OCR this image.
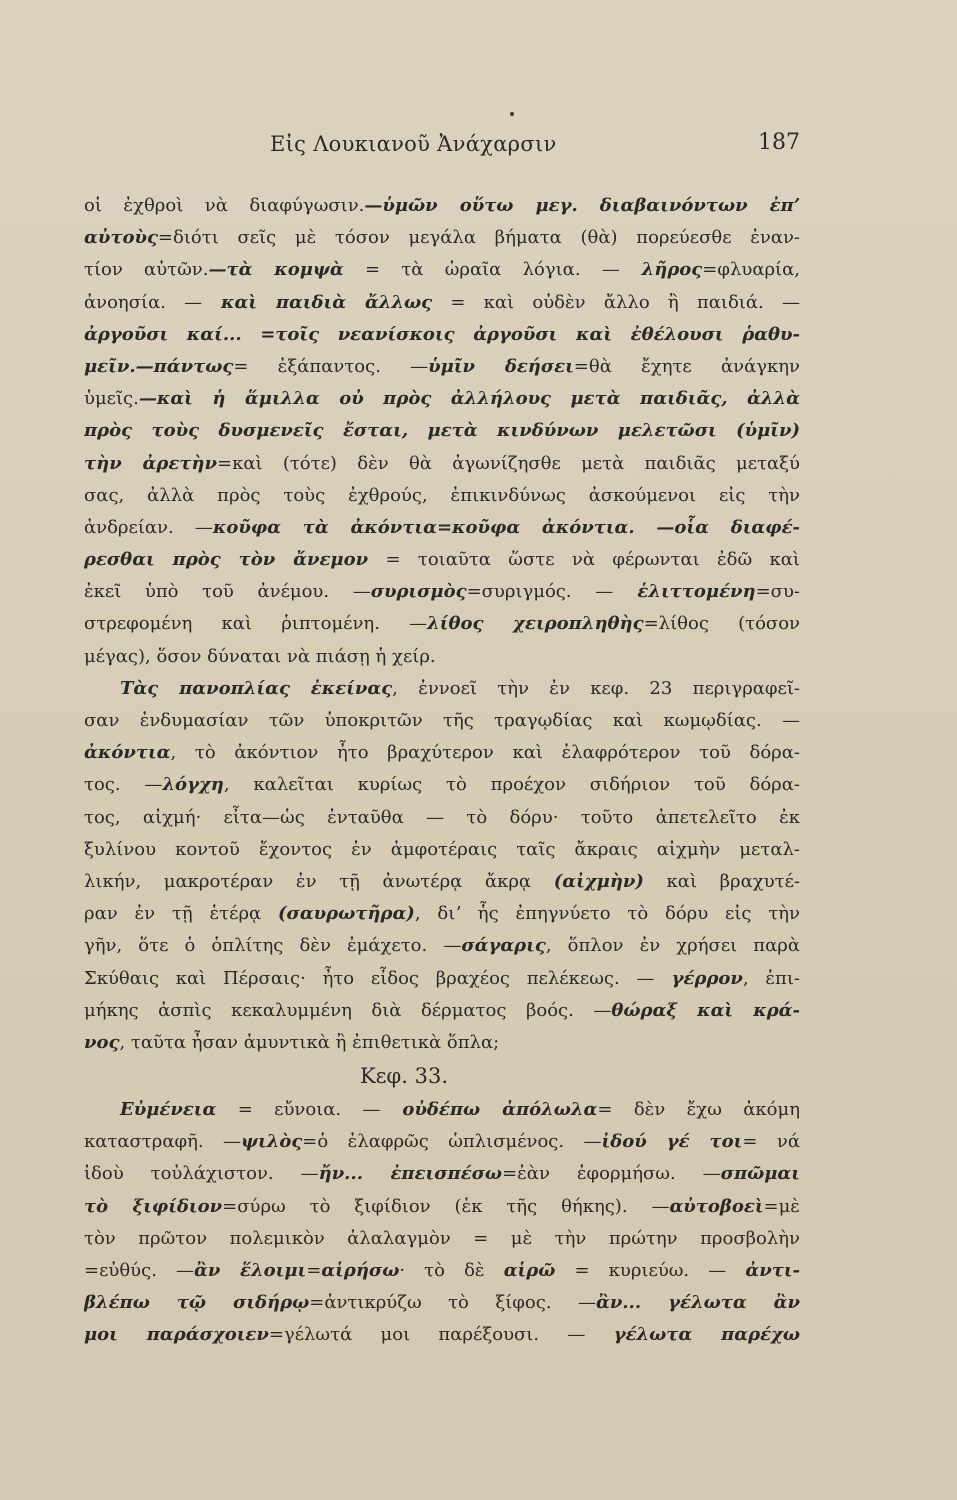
Εἰς Λουκιανοῦ Ἀνάχαρσιν	187
οἱ ἐχθροὶ νὰ διαφύγωσιν.—ὑμῶν οὕτω μεγ. διαβαινόντων ἐπʼ
αὐτοὺς=διότι σεῖς μὲ τόσον μεγάλα βήματα (θὰ) πορεύεσθε ἐναν-
τίον αὐτῶν.—τὰ κομψὰ = τὰ ὡραῖα λόγια. — λῆρος=φλυαρία,
ἀνοησία. — καὶ παιδιὰ ἄλλως = καὶ οὐδὲν ἄλλο ἢ παιδιά. —
ἀργοῦσι καί... =τοῖς νεανίσκοις ἀργοῦσι καὶ ἐθέλουσι ῥαθυ-
μεῖν.—πάντως= ἐξάπαντος. —ὑμῖν δεήσει=θὰ ἔχητε ἀνάγκην
ὑμεῖς.—καὶ ἡ ἅμιλλα οὐ πρὸς ἀλλήλους μετὰ παιδιᾶς, ἀλλὰ
πρὸς τοὺς δυσμενεῖς ἔσται, μετὰ κινδύνων μελετῶσι (ὑμῖν)
τὴν ἀρετὴν=καὶ (τότε) δὲν θὰ ἀγωνίζησθε μετὰ παιδιᾶς μεταξύ
σας, ἀλλὰ πρὸς τοὺς ἐχθρούς, ἐπικινδύνως ἀσκούμενοι εἰς τὴν
ἀνδρείαν. —κοῦφα τὰ ἀκόντια=κοῦφα ἀκόντια. —οἷα διαφέ-
ρεσθαι πρὸς τὸν ἄνεμον = τοιαῦτα ὥστε νὰ φέρωνται ἐδῶ καὶ
ἐκεῖ ὑπὸ τοῦ ἀνέμου. —συρισμὸς=συριγμός. — ἑλιττομένη=συ-
στρεφομένη καὶ ῥιπτομένη. —λίθος χειροπληθὴς=λίθος (τόσον
μέγας), ὅσον δύναται νὰ πιάσῃ ἡ χείρ.
Τὰς πανοπλίας ἐκείνας, ἐννοεῖ τὴν ἐν κεφ. 23 περιγραφεῖ-
σαν ἐνδυμασίαν τῶν ὑποκριτῶν τῆς τραγῳδίας καὶ κωμῳδίας. —
ἀκόντια, τὸ ἀκόντιον ἦτο βραχύτερον καὶ ἐλαφρότερον τοῦ δόρα-
τος. —λόγχη, καλεῖται κυρίως τὸ προέχον σιδήριον τοῦ δόρα-
τος, αἰχμή· εἶτα—ὡς ἐνταῦθα — τὸ δόρυ· τοῦτο ἀπετελεῖτο ἐκ
ξυλίνου κοντοῦ ἔχοντος ἐν ἀμφοτέραις ταῖς ἄκραις αἰχμὴν μεταλ-
λικήν, μακροτέραν ἐν τῇ ἀνωτέρᾳ ἄκρᾳ (αἰχμὴν) καὶ βραχυτέ-
ραν ἐν τῇ ἑτέρᾳ (σαυρωτῆρα), διʼ ἧς ἐπηγνύετο τὸ δόρυ εἰς τὴν
γῆν, ὅτε ὁ ὁπλίτης δὲν ἐμάχετο. —σάγαρις, ὅπλον ἐν χρήσει παρὰ
Σκύθαις καὶ Πέρσαις· ἦτο εἶδος βραχέος πελέκεως. — γέρρον, ἐπι-
μήκης ἀσπὶς κεκαλυμμένη διὰ δέρματος βοός. —θώραξ καὶ κρά-
νος, ταῦτα ἦσαν ἀμυντικὰ ἢ ἐπιθετικὰ ὅπλα;
Κεφ. 33.
Εὐμένεια = εὔνοια. — οὐδέπω ἀπόλωλα= δὲν ἔχω ἀκόμη
καταστραφῆ. —ψιλὸς=ὁ ἐλαφρῶς ὡπλισμένος. —ἰδού γέ τοι= νά
ἰδοὺ τοὐλάχιστον. —ἤν... ἐπεισπέσω=ἐὰν ἐφορμήσω. —σπῶμαι
τὸ ξιφίδιον=σύρω τὸ ξιφίδιον (ἐκ τῆς θήκης). —αὐτοβοεὶ=μὲ
τὸν πρῶτον πολεμικὸν ἀλαλαγμὸν = μὲ τὴν πρώτην προσβολὴν
=εὐθύς. —ἂν ἕλοιμι=αἱρήσω· τὸ δὲ αἱρῶ = κυριεύω. — ἀντι-
βλέπω τῷ σιδήρῳ=ἀντικρύζω τὸ ξίφος. —ἂν... γέλωτα ἂν
μοι παράσχοιεν=γέλωτά μοι παρέξουσι. — γέλωτα παρέχω
